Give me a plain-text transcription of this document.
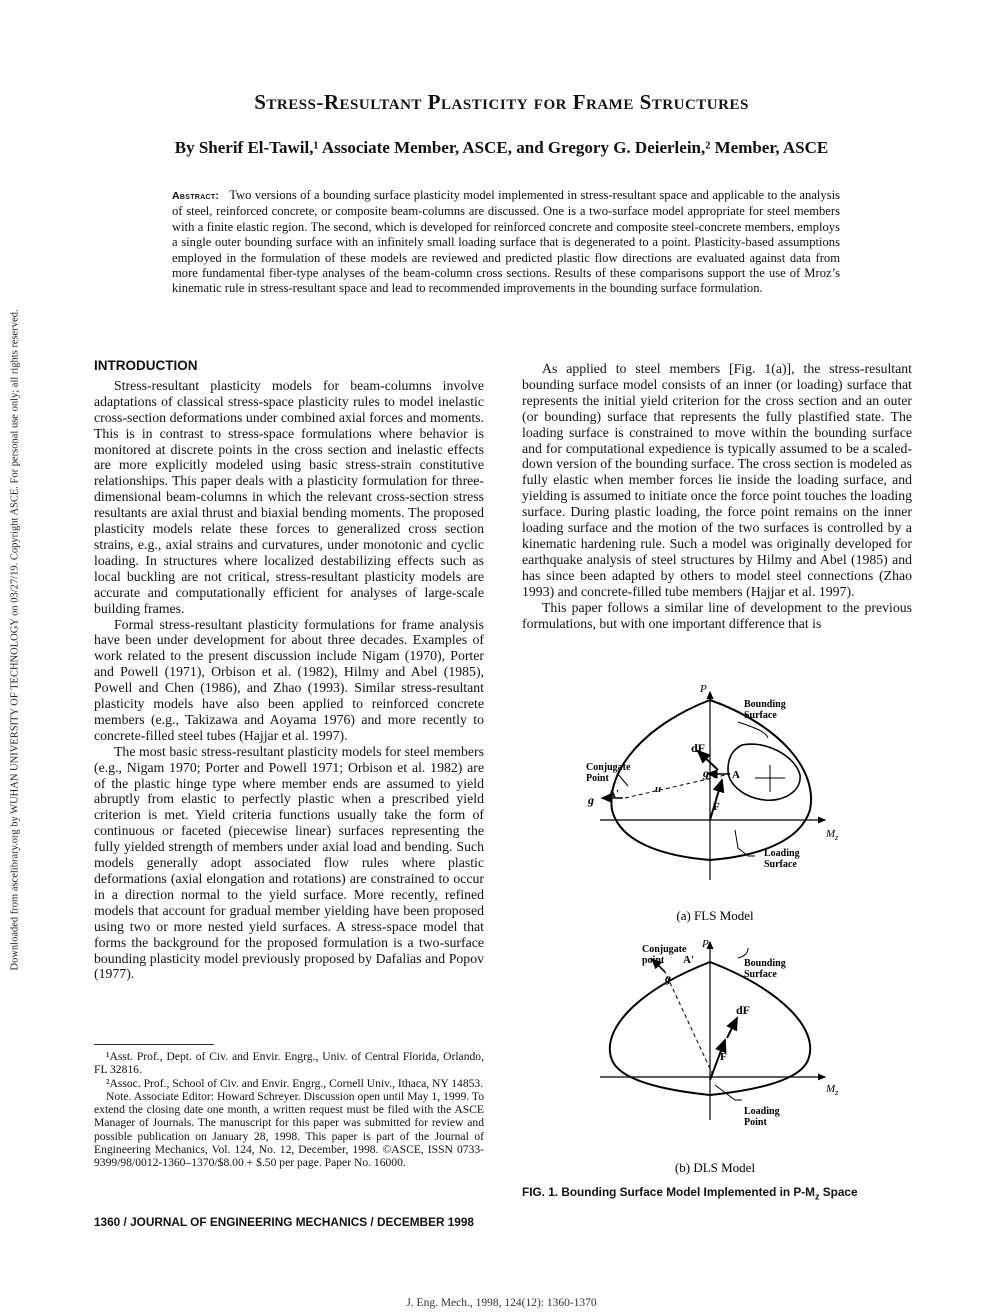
Stress-Resultant Plasticity for Frame Structures
By Sherif El-Tawil,¹ Associate Member, ASCE, and Gregory G. Deierlein,² Member, ASCE
Abstract: Two versions of a bounding surface plasticity model implemented in stress-resultant space and applicable to the analysis of steel, reinforced concrete, or composite beam-columns are discussed. One is a two-surface model appropriate for steel members with a finite elastic region. The second, which is developed for reinforced concrete and composite steel-concrete members, employs a single outer bounding surface with an infinitely small loading surface that is degenerated to a point. Plasticity-based assumptions employed in the formulation of these models are reviewed and predicted plastic flow directions are evaluated against data from more fundamental fiber-type analyses of the beam-column cross sections. Results of these comparisons support the use of Mroz’s kinematic rule in stress-resultant space and lead to recommended improvements in the bounding surface formulation.
Downloaded from ascelibrary.org by WUHAN UNIVERSITY OF TECHNOLOGY on 03/27/19. Copyright ASCE. For personal use only; all rights reserved.	INTRODUCTION

Stress-resultant plasticity models for beam-columns involve adaptations of classical stress-space plasticity rules to model inelastic cross-section deformations under combined axial forces and moments. This is in contrast to stress-space formulations where behavior is monitored at discrete points in the cross section and inelastic effects are more explicitly modeled using basic stress-strain constitutive relationships. This paper deals with a plasticity formulation for three-dimensional beam-columns in which the relevant cross-section stress resultants are axial thrust and biaxial bending moments. The proposed plasticity models relate these forces to generalized cross section strains, e.g., axial strains and curvatures, under monotonic and cyclic loading. In structures where localized destabilizing effects such as local buckling are not critical, stress-resultant plasticity models are accurate and computationally efficient for analyses of large-scale building frames.

Formal stress-resultant plasticity formulations for frame analysis have been under development for about three decades. Examples of work related to the present discussion include Nigam (1970), Porter and Powell (1971), Orbison et al. (1982), Hilmy and Abel (1985), Powell and Chen (1986), and Zhao (1993). Similar stress-resultant plasticity models have also been applied to reinforced concrete members (e.g., Takizawa and Aoyama 1976) and more recently to concrete-filled steel tubes (Hajjar et al. 1997).

The most basic stress-resultant plasticity models for steel members (e.g., Nigam 1970; Porter and Powell 1971; Orbison et al. 1982) are of the plastic hinge type where member ends are assumed to yield abruptly from elastic to perfectly plastic when a prescribed yield criterion is met. Yield criteria functions usually take the form of continuous or faceted (piecewise linear) surfaces representing the fully yielded strength of members under axial load and bending. Such models generally adopt associated flow rules where plastic deformations (axial elongation and rotations) are constrained to occur in a direction normal to the yield surface. More recently, refined models that account for gradual member yielding have been proposed using two or more nested yield surfaces. A stress-space model that forms the background for the proposed formulation is a two-surface bounding plasticity model previously proposed by Dafalias and Popov (1977).

¹Asst. Prof., Dept. of Civ. and Envir. Engrg., Univ. of Central Florida, Orlando, FL 32816.

²Assoc. Prof., School of Civ. and Envir. Engrg., Cornell Univ., Ithaca, NY 14853.

Note. Associate Editor: Howard Schreyer. Discussion open until May 1, 1999. To extend the closing date one month, a written request must be filed with the ASCE Manager of Journals. The manuscript for this paper was submitted for review and possible publication on January 28, 1998. This paper is part of the Journal of Engineering Mechanics, Vol. 124, No. 12, December, 1998. ©ASCE, ISSN 0733-9399/98/0012-1360–1370/$8.00 + $.50 per page. Paper No. 16000.

1360 / JOURNAL OF ENGINEERING MECHANICS / DECEMBER 1998

As applied to steel members [Fig. 1(a)], the stress-resultant bounding surface model consists of an inner (or loading) surface that represents the initial yield criterion for the cross section and an outer (or bounding) surface that represents the fully plastified state. The loading surface is constrained to move within the bounding surface and for computational expedience is typically assumed to be a scaled-down version of the bounding surface. The cross section is modeled as fully elastic when member forces lie inside the loading surface, and yielding is assumed to initiate once the force point touches the loading surface. During plastic loading, the force point remains on the inner loading surface and the motion of the two surfaces is controlled by a kinematic hardening rule. Such a model was originally developed for earthquake analysis of steel structures by Hilmy and Abel (1985) and has since been adapted by others to model steel connections (Zhao 1993) and concrete-filled tube members (Hajjar et al. 1997).

This paper follows a similar line of development to the previous formulations, but with one important difference that is

P
$M_z$
Bounding
Surface
dF
Conjugate
Point	g A
A'	u
g	F
Loading
Surface
(a) FLS Model
P
$M_z$
Conjugate
point A'
g
Bounding
Surface
dF
F
Loading
Point
(b) DLS Model
FIG. 1. Bounding Surface Model Implemented in $P-M_z$ Space
J. Eng. Mech., 1998, 124(12): 1360-1370
